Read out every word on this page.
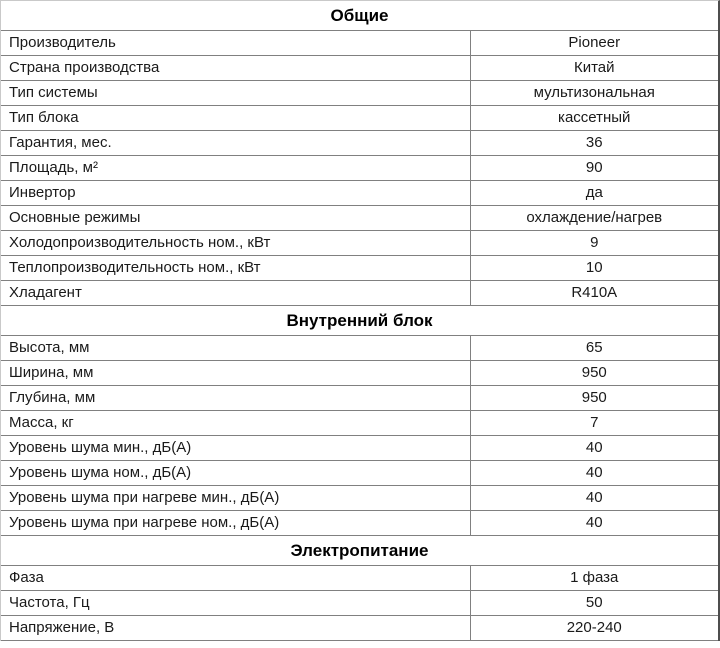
Общие	
Производитель	Pioneer
Страна производства	Китай
Тип системы	мультизональная
Тип блока	кассетный
Гарантия, мес.	36
Площадь, м²	90
Инвертор	да
Основные режимы	охлаждение/нагрев
Холодопроизводительность ном., кВт	9
Теплопроизводительность ном., кВт	10
Хладагент	R410A
Внутренний блок	
Высота, мм	65
Ширина, мм	950
Глубина, мм	950
Масса, кг	7
Уровень шума мин., дБ(А)	40
Уровень шума ном., дБ(А)	40
Уровень шума при нагреве мин., дБ(А)	40
Уровень шума при нагреве ном., дБ(А)	40
Электропитание	
Фаза	1 фаза
Частота, Гц	50
Напряжение, В	220-240
